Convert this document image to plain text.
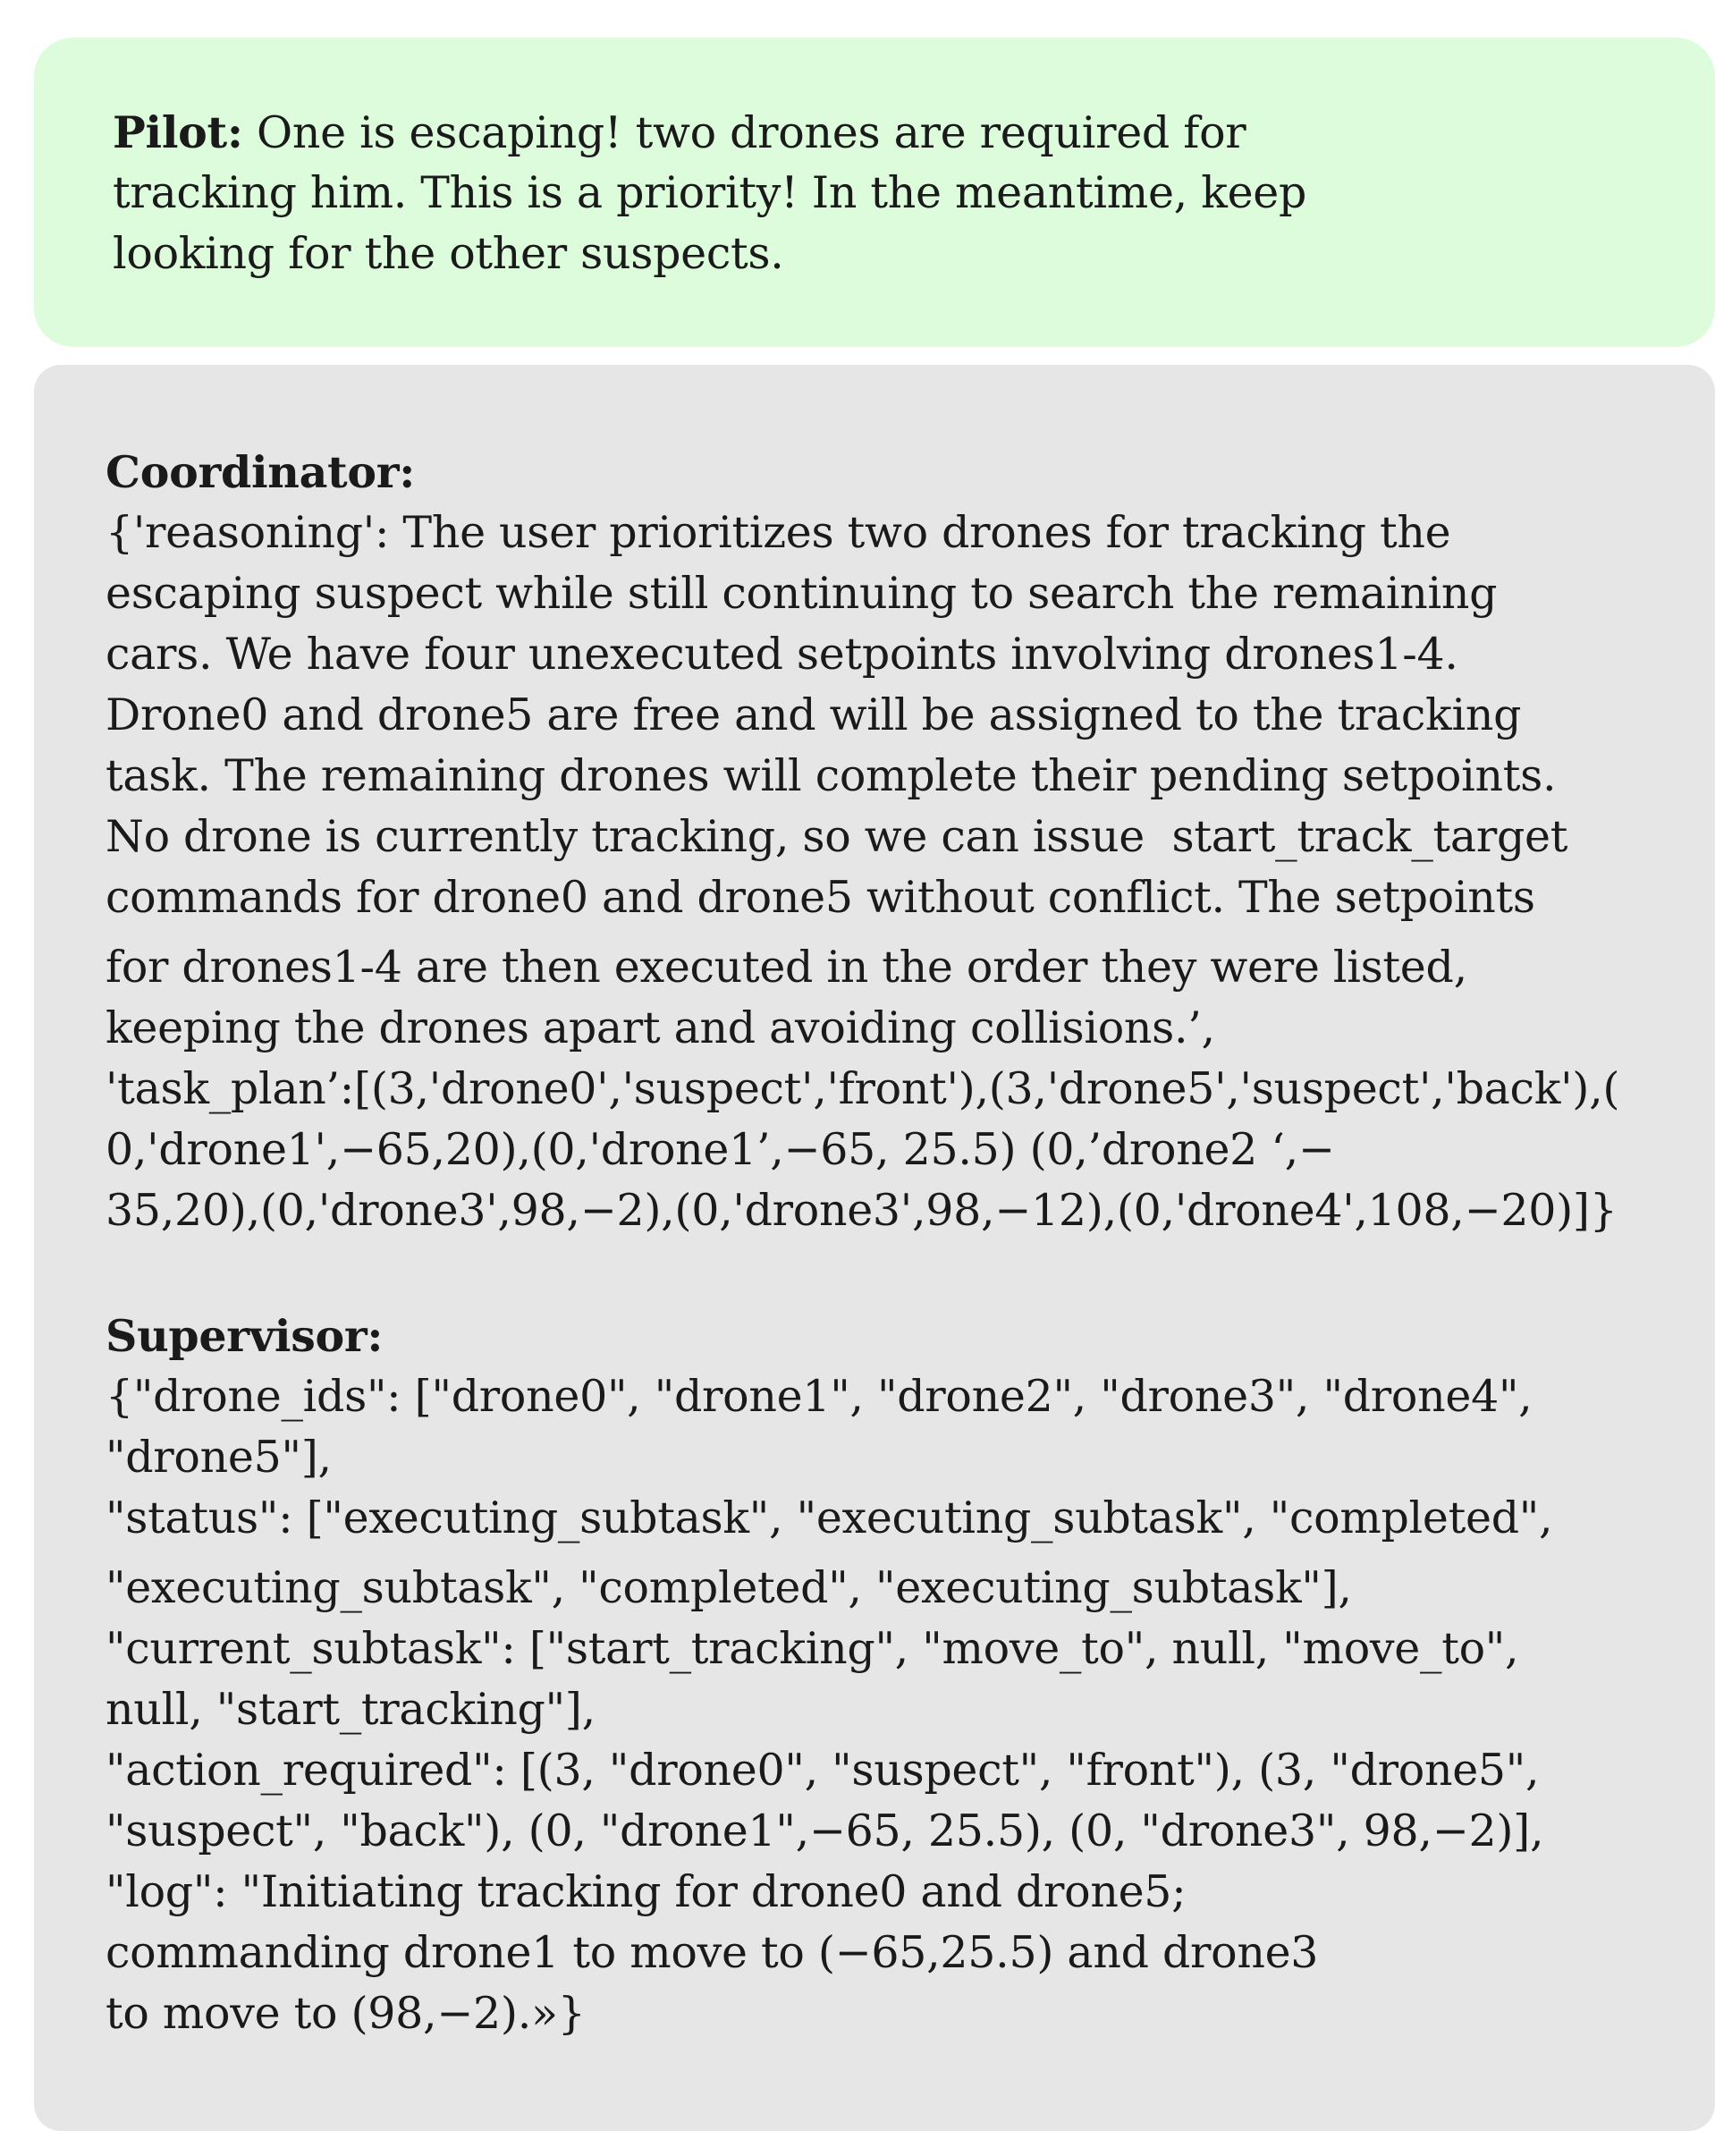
Pilot: One is escaping! two drones are required for
tracking him. This is a priority! In the meantime, keep
looking for the other suspects.
Coordinator:
{'reasoning': The user prioritizes two drones for tracking the
escaping suspect while still continuing to search the remaining
cars. We have four unexecuted setpoints involving drones1-4.
Drone0 and drone5 are free and will be assigned to the tracking
task. The remaining drones will complete their pending setpoints.
No drone is currently tracking, so we can issue  start_track_target
commands for drone0 and drone5 without conflict. The setpoints
for drones1-4 are then executed in the order they were listed,
keeping the drones apart and avoiding collisions.’,
'task_plan’:[(3,'drone0','suspect','front'),(3,'drone5','suspect','back'),(
0,'drone1',−65,20),(0,'drone1’,−65, 25.5) (0,’drone2 ‘,−
35,20),(0,'drone3',98,−2),(0,'drone3',98,−12),(0,'drone4',108,−20)]}
Supervisor:
{"drone_ids": ["drone0", "drone1", "drone2", "drone3", "drone4",
"drone5"],
"status": ["executing_subtask", "executing_subtask", "completed",
"executing_subtask", "completed", "executing_subtask"],
"current_subtask": ["start_tracking", "move_to", null, "move_to",
null, "start_tracking"],
"action_required": [(3, "drone0", "suspect", "front"), (3, "drone5",
"suspect", "back"), (0, "drone1",−65, 25.5), (0, "drone3", 98,−2)],
"log": "Initiating tracking for drone0 and drone5;
commanding drone1 to move to (−65,25.5) and drone3
to move to (98,−2).»}
